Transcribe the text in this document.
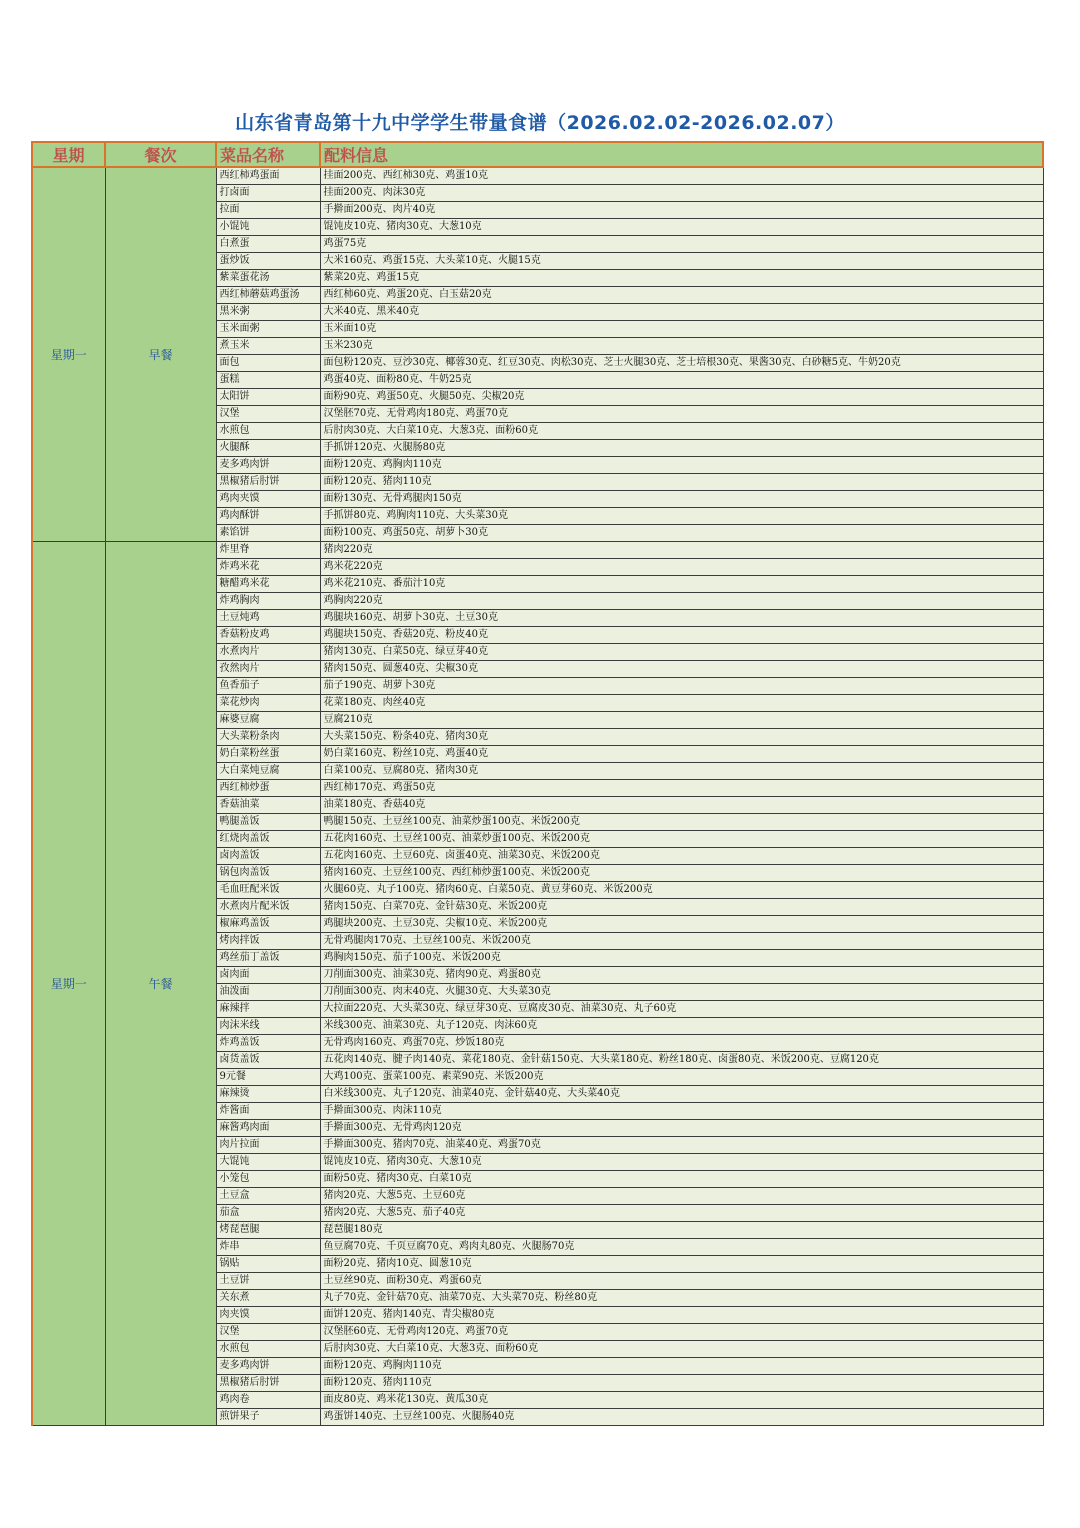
山东省青岛第十九中学学生带量食谱（2026.02.02-2026.02.07）
星期	餐次	菜品名称	配料信息
星期一	早餐	西红柿鸡蛋面	挂面200克、西红柿30克、鸡蛋10克
		打卤面	挂面200克、肉沫30克
		拉面	手擀面200克、肉片40克
		小馄饨	馄饨皮10克、猪肉30克、大葱10克
		白煮蛋	鸡蛋75克
		蛋炒饭	大米160克、鸡蛋15克、大头菜10克、火腿15克
		紫菜蛋花汤	紫菜20克、鸡蛋15克
		西红柿蘑菇鸡蛋汤	西红柿60克、鸡蛋20克、白玉菇20克
		黑米粥	大米40克、黑米40克
		玉米面粥	玉米面10克
		煮玉米	玉米230克
		面包	面包粉120克、豆沙30克、椰蓉30克、红豆30克、肉松30克、芝士火腿30克、芝士培根30克、果酱30克、白砂糖5克、牛奶20克
		蛋糕	鸡蛋40克、面粉80克、牛奶25克
		太阳饼	面粉90克、鸡蛋50克、火腿50克、尖椒20克
		汉堡	汉堡胚70克、无骨鸡肉180克、鸡蛋70克
		水煎包	后肘肉30克、大白菜10克、大葱3克、面粉60克
		火腿酥	手抓饼120克、火腿肠80克
		麦多鸡肉饼	面粉120克、鸡胸肉110克
		黑椒猪后肘饼	面粉120克、猪肉110克
		鸡肉夹馍	面粉130克、无骨鸡腿肉150克
		鸡肉酥饼	手抓饼80克、鸡胸肉110克、大头菜30克
		素馅饼	面粉100克、鸡蛋50克、胡萝卜30克
星期一	午餐	炸里脊	猪肉220克
		炸鸡米花	鸡米花220克
		糖醋鸡米花	鸡米花210克、番茄汁10克
		炸鸡胸肉	鸡胸肉220克
		土豆炖鸡	鸡腿块160克、胡萝卜30克、土豆30克
		香菇粉皮鸡	鸡腿块150克、香菇20克、粉皮40克
		水煮肉片	猪肉130克、白菜50克、绿豆芽40克
		孜然肉片	猪肉150克、圆葱40克、尖椒30克
		鱼香茄子	茄子190克、胡萝卜30克
		菜花炒肉	花菜180克、肉丝40克
		麻婆豆腐	豆腐210克
		大头菜粉条肉	大头菜150克、粉条40克、猪肉30克
		奶白菜粉丝蛋	奶白菜160克、粉丝10克、鸡蛋40克
		大白菜炖豆腐	白菜100克、豆腐80克、猪肉30克
		西红柿炒蛋	西红柿170克、鸡蛋50克
		香菇油菜	油菜180克、香菇40克
		鸭腿盖饭	鸭腿150克、土豆丝100克、油菜炒蛋100克、米饭200克
		红烧肉盖饭	五花肉160克、土豆丝100克、油菜炒蛋100克、米饭200克
		卤肉盖饭	五花肉160克、土豆60克、卤蛋40克、油菜30克、米饭200克
		锅包肉盖饭	猪肉160克、土豆丝100克、西红柿炒蛋100克、米饭200克
		毛血旺配米饭	火腿60克、丸子100克、猪肉60克、白菜50克、黄豆芽60克、米饭200克
		水煮肉片配米饭	猪肉150克、白菜70克、金针菇30克、米饭200克
		椒麻鸡盖饭	鸡腿块200克、土豆30克、尖椒10克、米饭200克
		烤肉拌饭	无骨鸡腿肉170克、土豆丝100克、米饭200克
		鸡丝茄丁盖饭	鸡胸肉150克、茄子100克、米饭200克
		卤肉面	刀削面300克、油菜30克、猪肉90克、鸡蛋80克
		油泼面	刀削面300克、肉末40克、火腿30克、大头菜30克
		麻辣拌	大拉面220克、大头菜30克、绿豆芽30克、豆腐皮30克、油菜30克、丸子60克
		肉沫米线	米线300克、油菜30克、丸子120克、肉沫60克
		炸鸡盖饭	无骨鸡肉160克、鸡蛋70克、炒饭180克
		卤货盖饭	五花肉140克、腱子肉140克、菜花180克、金针菇150克、大头菜180克、粉丝180克、卤蛋80克、米饭200克、豆腐120克
		9元餐	大鸡100克、蛋菜100克、素菜90克、米饭200克
		麻辣烫	白米线300克、丸子120克、油菜40克、金针菇40克、大头菜40克
		炸酱面	手擀面300克、肉沫110克
		麻酱鸡肉面	手擀面300克、无骨鸡肉120克
		肉片拉面	手擀面300克、猪肉70克、油菜40克、鸡蛋70克
		大馄饨	馄饨皮10克、猪肉30克、大葱10克
		小笼包	面粉50克、猪肉30克、白菜10克
		土豆盒	猪肉20克、大葱5克、土豆60克
		茄盒	猪肉20克、大葱5克、茄子40克
		烤琵琶腿	琵琶腿180克
		炸串	鱼豆腐70克、千页豆腐70克、鸡肉丸80克、火腿肠70克
		锅贴	面粉20克、猪肉10克、圆葱10克
		土豆饼	土豆丝90克、面粉30克、鸡蛋60克
		关东煮	丸子70克、金针菇70克、油菜70克、大头菜70克、粉丝80克
		肉夹馍	面饼120克、猪肉140克、青尖椒80克
		汉堡	汉堡胚60克、无骨鸡肉120克、鸡蛋70克
		水煎包	后肘肉30克、大白菜10克、大葱3克、面粉60克
		麦多鸡肉饼	面粉120克、鸡胸肉110克
		黑椒猪后肘饼	面粉120克、猪肉110克
		鸡肉卷	面皮80克、鸡米花130克、黄瓜30克
		煎饼果子	鸡蛋饼140克、土豆丝100克、火腿肠40克
